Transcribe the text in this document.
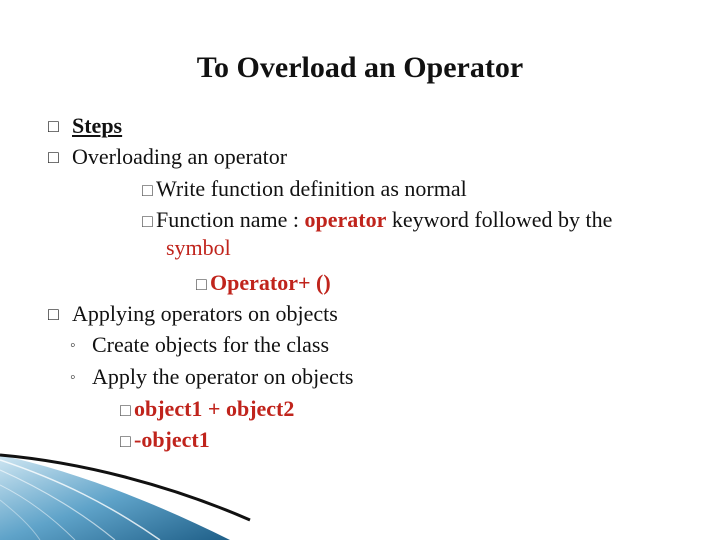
To Overload an Operator
□ Steps
□ Overloading an operator
□ Write function definition as normal
□ Function name : operator keyword followed by the
symbol
□ Operator+ ()
□ Applying operators on objects
◦ Create objects for the class
◦ Apply the operator on objects
□ object1 + object2
□ -object1
